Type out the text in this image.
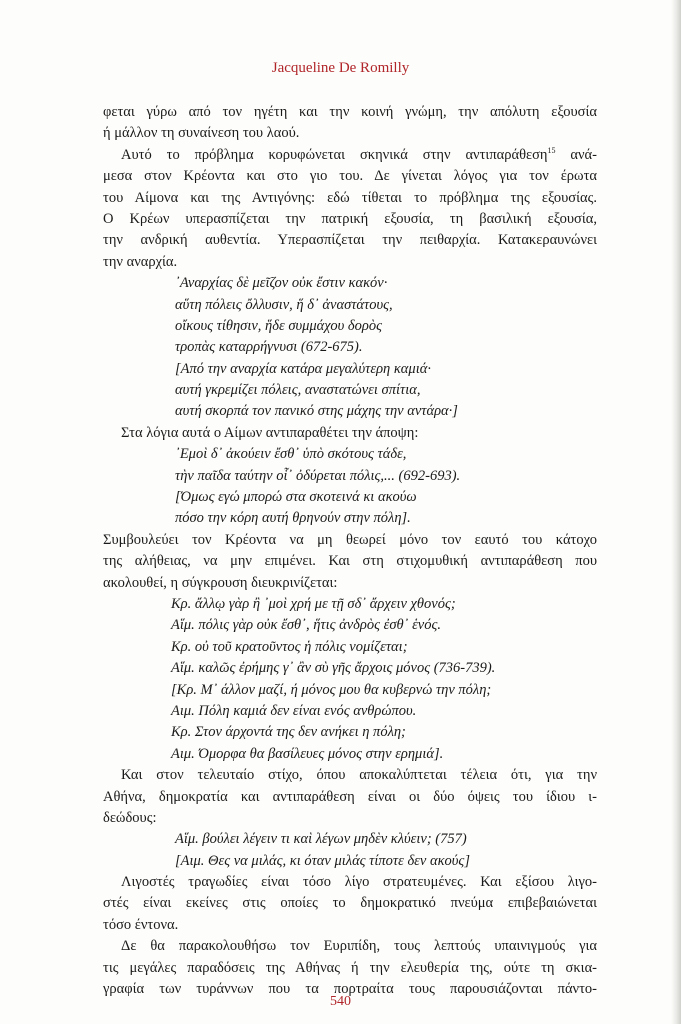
Jacqueline De Romilly
φεται γύρω από τον ηγέτη και την κοινή γνώμη, την απόλυτη εξουσία
ή μάλλον τη συναίνεση του λαού.
Αυτό το πρόβλημα κορυφώνεται σκηνικά στην αντιπαράθεση$^{15}$ ανά-
μεσα στον Κρέοντα και στο γιο του. Δε γίνεται λόγος για τον έρωτα
του Αίμονα και της Αντιγόνης: εδώ τίθεται το πρόβλημα της εξουσίας.
Ο Κρέων υπερασπίζεται την πατρική εξουσία, τη βασιλική εξουσία,
την ανδρική αυθεντία. Υπερασπίζεται την πειθαρχία. Κατακεραυνώνει
την αναρχία.
᾿Αναρχίας δὲ μεῖζον οὐκ ἔστιν κακόν·
αὕτη πόλεις ὄλλυσιν, ἥ δ᾿ ἀναστάτους,
οἴκους τίθησιν, ἥδε συμμάχου δορὸς
τροπὰς καταρρήγνυσι (672-675).
[Από την αναρχία κατάρα μεγαλύτερη καμιά·
αυτή γκρεμίζει πόλεις, αναστατώνει σπίτια,
αυτή σκορπά τον πανικό στης μάχης την αντάρα·]
Στα λόγια αυτά ο Αίμων αντιπαραθέτει την άποψη:
᾿Εμοὶ δ᾿ ἀκούειν ἔσθ᾿ ὑπὸ σκότους τάδε,
τὴν παῖδα ταύτην οἷ᾿ ὀδύρεται πόλις,... (692-693).
[Όμως εγώ μπορώ στα σκοτεινά κι ακούω
πόσο την κόρη αυτή θρηνούν στην πόλη].
Συμβουλεύει τον Κρέοντα να μη θεωρεί μόνο τον εαυτό του κάτοχο
της αλήθειας, να μην επιμένει. Και στη στιχομυθική αντιπαράθεση που
ακολουθεί, η σύγκρουση διευκρινίζεται:
Κρ. ἄλλῳ γὰρ ἢ ᾿μοὶ χρή με τῇ σδ᾿ ἄρχειν χθονός;
Αἵμ. πόλις γὰρ οὐκ ἔσθ᾿, ἥτις ἀνδρὸς ἐσθ᾿ ἑνός.
Κρ. οὐ τοῦ κρατοῦντος ἡ πόλις νομίζεται;
Αἵμ. καλῶς ἐρήμης γ᾿ ἂν σὺ γῆς ἄρχοις μόνος (736-739).
[Κρ. Μ᾿ άλλον μαζί, ή μόνος μου θα κυβερνώ την πόλη;
Αιμ. Πόλη καμιά δεν είναι ενός ανθρώπου.
Κρ. Στον άρχοντά της δεν ανήκει η πόλη;
Αιμ. Όμορφα θα βασίλευες μόνος στην ερημιά].
Και στον τελευταίο στίχο, όπου αποκαλύπτεται τέλεια ότι, για την
Αθήνα, δημοκρατία και αντιπαράθεση είναι οι δύο όψεις του ίδιου ι-
δεώδους:
Αἵμ. βούλει λέγειν τι καὶ λέγων μηδὲν κλύειν; (757)
[Αιμ. Θες να μιλάς, κι όταν μιλάς τίποτε δεν ακούς]
Λιγοστές τραγωδίες είναι τόσο λίγο στρατευμένες. Και εξίσου λιγο-
στές είναι εκείνες στις οποίες το δημοκρατικό πνεύμα επιβεβαιώνεται
τόσο έντονα.
Δε θα παρακολουθήσω τον Ευριπίδη, τους λεπτούς υπαινιγμούς για
τις μεγάλες παραδόσεις της Αθήνας ή την ελευθερία της, ούτε τη σκια-
γραφία των τυράννων που τα πορτραίτα τους παρουσιάζονται πάντο-
540
